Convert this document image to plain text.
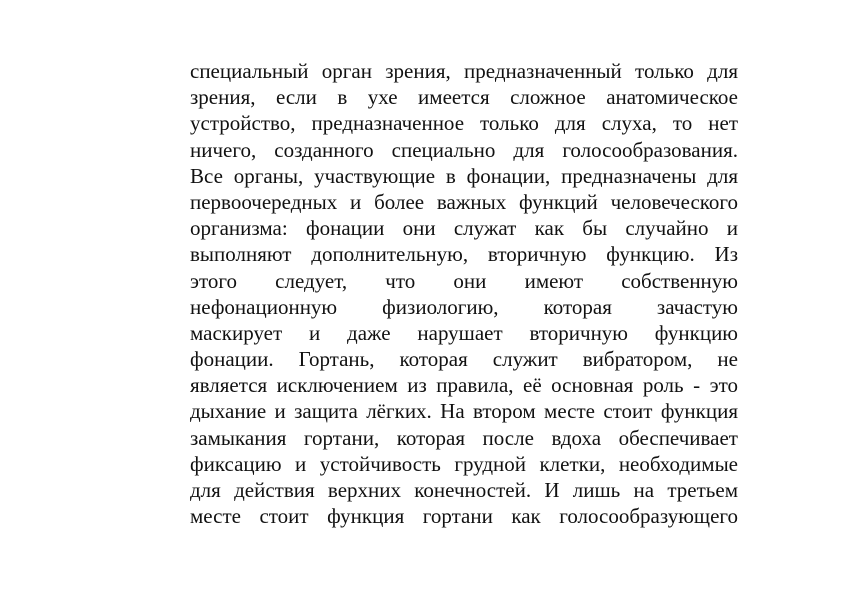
специальный орган зрения, предназначенный только для
зрения, если в ухе имеется сложное анатомическое
устройство, предназначенное только для слуха, то нет
ничего, созданного специально для голосообразования.
Все органы, участвующие в фонации, предназначены для
первоочередных и более важных функций человеческого
организма: фонации они служат как бы случайно и
выполняют дополнительную, вторичную функцию. Из
этого следует, что они имеют собственную
нефонационную физиологию, которая зачастую
маскирует и даже нарушает вторичную функцию
фонации. Гортань, которая служит вибратором, не
является исключением из правила, её основная роль - это
дыхание и защита лёгких. На втором месте стоит функция
замыкания гортани, которая после вдоха обеспечивает
фиксацию и устойчивость грудной клетки, необходимые
для действия верхних конечностей. И лишь на третьем
месте стоит функция гортани как голосообразующего
